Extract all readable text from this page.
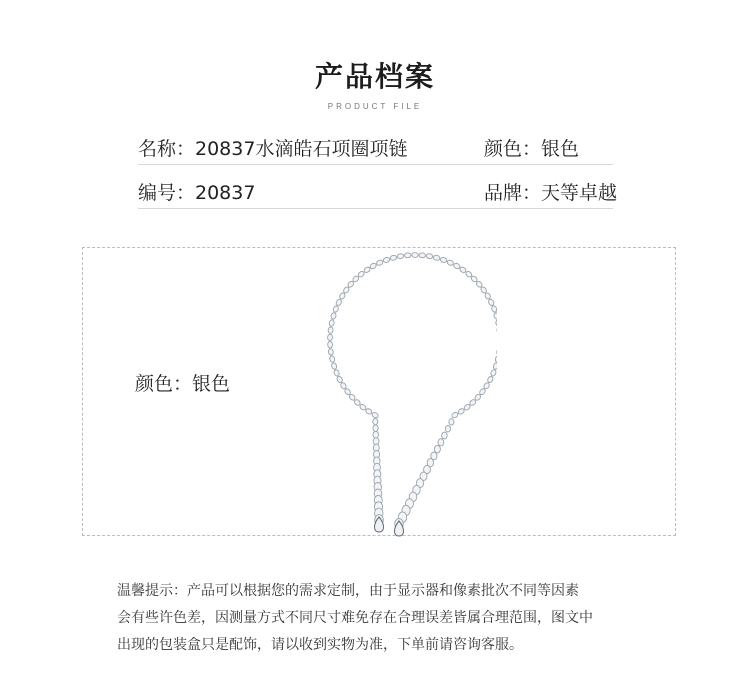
产品档案
PRODUCT FILE
名称：20837水滴皓石项圈项链	颜色：银色
编号：20837	品牌：天等卓越
颜色：银色
温馨提示：产品可以根据您的需求定制，由于显示器和像素批次不同等因素
会有些许色差，因测量方式不同尺寸难免存在合理误差皆属合理范围，图文中
出现的包装盒只是配饰，请以收到实物为准，下单前请咨询客服。
